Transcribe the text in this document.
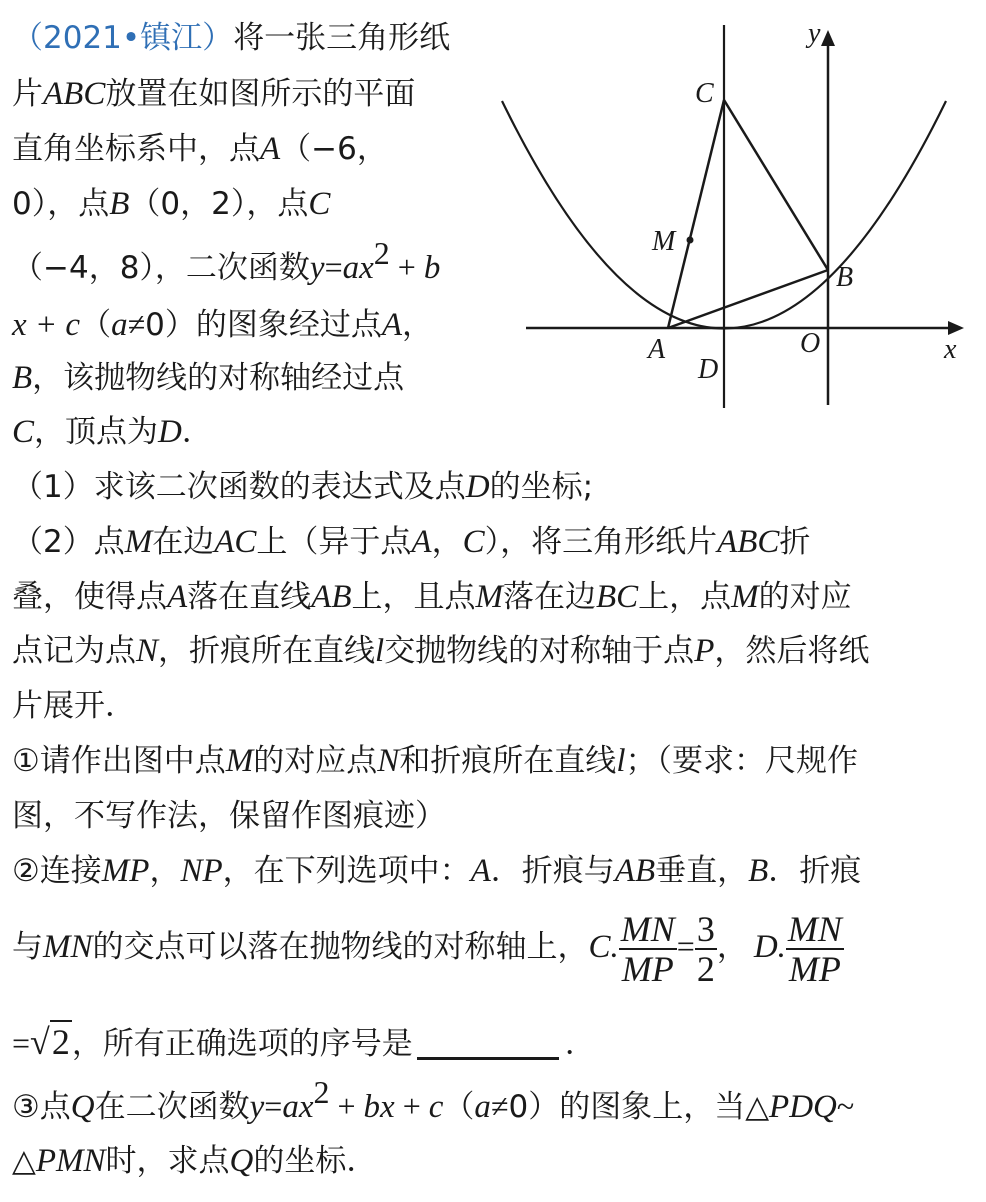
（2021•镇江）将一张三角形纸
片ABC放置在如图所示的平面
直角坐标系中，点A（−6，
0），点B（0，2），点C
（−4，8），二次函数$y=ax^2 + b$
x + c（a≠0）的图象经过点A，
B，该抛物线的对称轴经过点
C，顶点为D．
（1）求该二次函数的表达式及点D的坐标;
（2）点M在边AC上（异于点A，C），将三角形纸片ABC折
叠，使得点A落在直线AB上，且点M落在边BC上，点M的对应
点记为点N，折痕所在直线l交抛物线的对称轴于点P，然后将纸
片展开．
①请作出图中点M的对应点N和折痕所在直线l；（要求：尺规作
图，不写作法，保留作图痕迹）
②连接MP，NP，在下列选项中：A．折痕与AB垂直，B．折痕
与MN的交点可以落在抛物线的对称轴上，C. $\frac{MN}{MP} = \frac{3}{2}$ ， D. $\frac{MN}{MP}$
=√2，所有正确选项的序号是	．
③点Q在二次函数$y=ax^2$ + bx + c（a≠0）的图象上，当△PDQ~
△PMN时，求点Q的坐标．
y
x
C
M
B
A
D
O
